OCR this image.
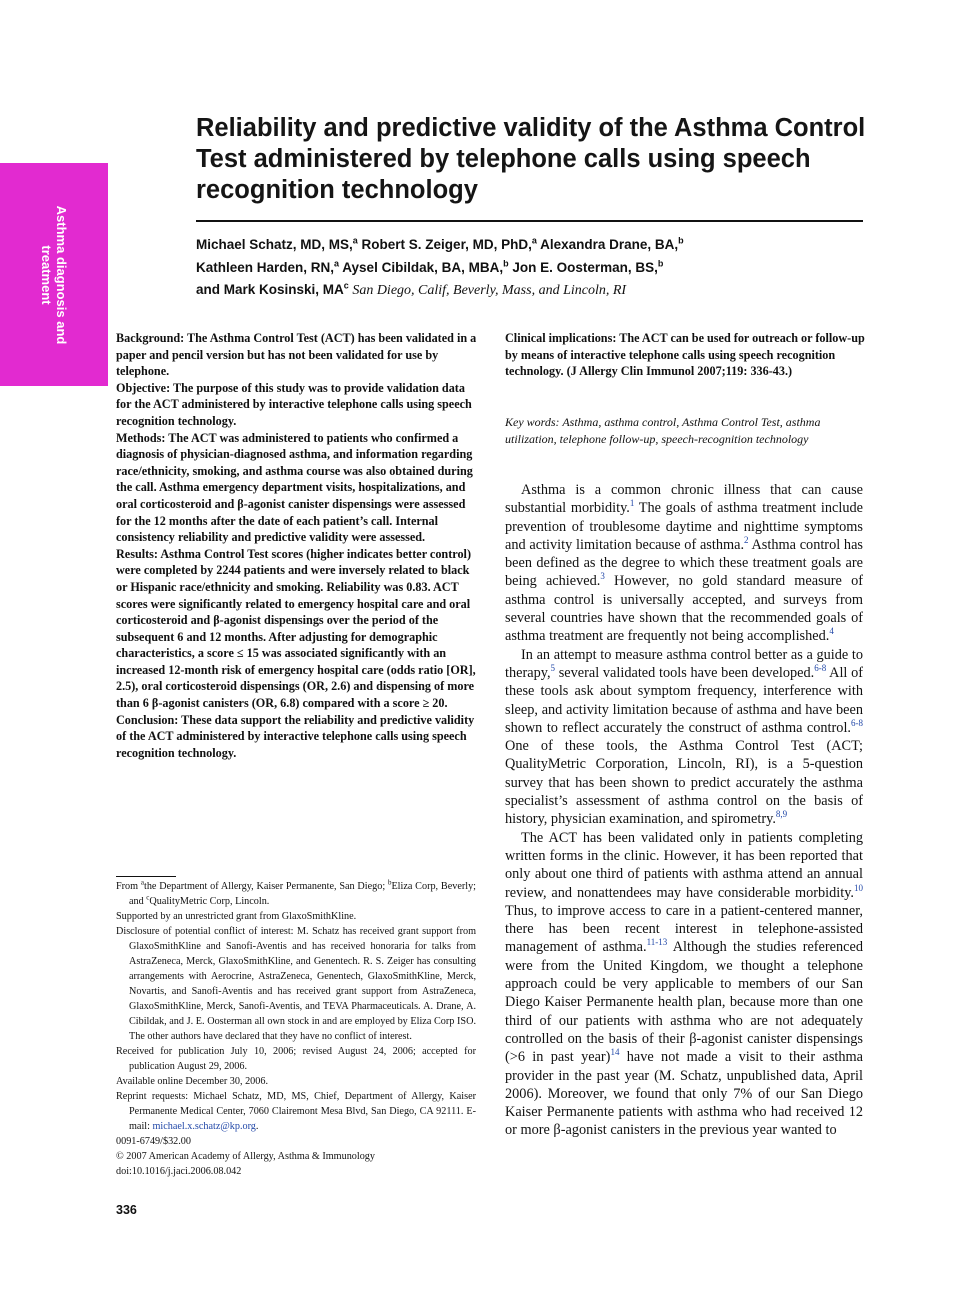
Asthma diagnosis and
treatment
Reliability and predictive validity of the Asthma Control Test administered by telephone calls using speech recognition technology

Michael Schatz, MD, MS,$^a$ Robert S. Zeiger, MD, PhD,$^a$ Alexandra Drane, BA,$^b$
Kathleen Harden, RN,$^a$ Aysel Cibildak, BA, MBA,$^b$ Jon E. Oosterman, BS,$^b$
and Mark Kosinski, $MA^c$ San Diego, Calif, Beverly, Mass, and Lincoln, RI

Background: The Asthma Control Test (ACT) has been validated in a paper and pencil version but has not been validated for use by telephone.

Objective: The purpose of this study was to provide validation data for the ACT administered by interactive telephone calls using speech recognition technology.

Methods: The ACT was administered to patients who confirmed a diagnosis of physician-diagnosed asthma, and information regarding race/ethnicity, smoking, and asthma course was also obtained during the call. Asthma emergency department visits, hospitalizations, and oral corticosteroid and β-agonist canister dispensings were assessed for the 12 months after the date of each patient’s call. Internal consistency reliability and predictive validity were assessed.

Results: Asthma Control Test scores (higher indicates better control) were completed by 2244 patients and were inversely related to black or Hispanic race/ethnicity and smoking. Reliability was 0.83. ACT scores were significantly related to emergency hospital care and oral corticosteroid and β-agonist dispensings over the period of the subsequent 6 and 12 months. After adjusting for demographic characteristics, a score ≤ 15 was associated significantly with an increased 12-month risk of emergency hospital care (odds ratio [OR], 2.5), oral corticosteroid dispensings (OR, 2.6) and dispensing of more than 6 β-agonist canisters (OR, 6.8) compared with a score ≥ 20.

Conclusion: These data support the reliability and predictive validity of the ACT administered by interactive telephone calls using speech recognition technology.

Clinical implications: The ACT can be used for outreach or follow-up by means of interactive telephone calls using speech recognition technology. (J Allergy Clin Immunol 2007;119: 336-43.)

Key words: Asthma, asthma control, Asthma Control Test, asthma utilization, telephone follow-up, speech-recognition technology

From $^a$the Department of Allergy, Kaiser Permanente, San Diego; $^b$Eliza Corp, Beverly; and $^c$QualityMetric Corp, Lincoln.

Supported by an unrestricted grant from GlaxoSmithKline.

Disclosure of potential conflict of interest: M. Schatz has received grant support from GlaxoSmithKline and Sanofi-Aventis and has received honoraria for talks from AstraZeneca, Merck, GlaxoSmithKline, and Genentech. R. S. Zeiger has consulting arrangements with Aerocrine, AstraZeneca, Genentech, GlaxoSmithKline, Merck, Novartis, and Sanofi-Aventis and has received grant support from AstraZeneca, GlaxoSmithKline, Merck, Sanofi-Aventis, and TEVA Pharmaceuticals. A. Drane, A. Cibildak, and J. E. Oosterman all own stock in and are employed by Eliza Corp ISO. The other authors have declared that they have no conflict of interest.

Received for publication July 10, 2006; revised August 24, 2006; accepted for publication August 29, 2006.

Available online December 30, 2006.

Reprint requests: Michael Schatz, MD, MS, Chief, Department of Allergy, Kaiser Permanente Medical Center, 7060 Clairemont Mesa Blvd, San Diego, CA 92111. E-mail: michael.x.schatz@kp.org.

0091-6749/$32.00

© 2007 American Academy of Allergy, Asthma & Immunology

doi:10.1016/j.jaci.2006.08.042

336

Asthma is a common chronic illness that can cause substantial morbidity.$^1$ The goals of asthma treatment include prevention of troublesome daytime and nighttime symptoms and activity limitation because of asthma.$^2$ Asthma control has been defined as the degree to which these treatment goals are being achieved.$^3$ However, no gold standard measure of asthma control is universally accepted, and surveys from several countries have shown that the recommended goals of asthma treatment are frequently not being accomplished.$^4$

In an attempt to measure asthma control better as a guide to therapy,$^5$ several validated tools have been developed.$^{6-8}$ All of these tools ask about symptom frequency, interference with sleep, and activity limitation because of asthma and have been shown to reflect accurately the construct of asthma control.$^{6-8}$ One of these tools, the Asthma Control Test (ACT; QualityMetric Corporation, Lincoln, RI), is a 5-question survey that has been shown to predict accurately the asthma specialist’s assessment of asthma control on the basis of history, physician examination, and spirometry.$^{8,9}$

The ACT has been validated only in patients completing written forms in the clinic. However, it has been reported that only about one third of patients with asthma attend an annual review, and nonattendees may have considerable morbidity.$^{10}$ Thus, to improve access to care in a patient-centered manner, there has been recent interest in telephone-assisted management of asthma.$^{11-13}$ Although the studies referenced were from the United Kingdom, we thought a telephone approach could be very applicable to members of our San Diego Kaiser Permanente health plan, because more than one third of our patients with asthma who are not adequately controlled on the basis of their β-agonist canister dispensings (>6 in past year)$^{14}$ have not made a visit to their asthma provider in the past year (M. Schatz, unpublished data, April 2006). Moreover, we found that only 7% of our San Diego Kaiser Permanente patients with asthma who had received 12 or more β-agonist canisters in the previous year wanted to
